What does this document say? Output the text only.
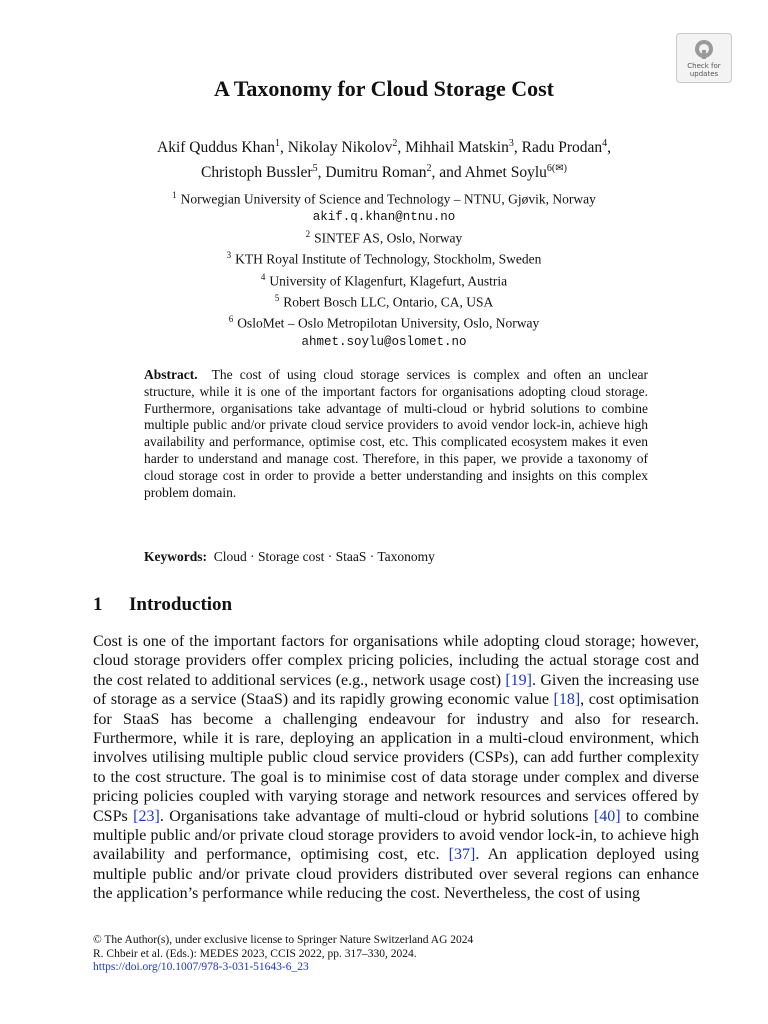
Check for
updates
A Taxonomy for Cloud Storage Cost
Akif Quddus Khan$^1$, Nikolay Nikolov$^2$, Mihhail Matskin$^3$, Radu Prodan$^4$,
Christoph Bussler$^5$, Dumitru Roman$^2$, and Ahmet Soylu$^{6(✉)}$
$^1$ Norwegian University of Science and Technology – NTNU, Gjøvik, Norway
akif.q.khan@ntnu.no
$^2$ SINTEF AS, Oslo, Norway
$^3$ KTH Royal Institute of Technology, Stockholm, Sweden
$^4$ University of Klagenfurt, Klagefurt, Austria
$^5$ Robert Bosch LLC, Ontario, CA, USA
$^6$ OsloMet – Oslo Metropilotan University, Oslo, Norway
ahmet.soylu@oslomet.no
Abstract. The cost of using cloud storage services is complex and often an unclear structure, while it is one of the important factors for organisations adopting cloud storage. Furthermore, organisations take advantage of multi-cloud or hybrid solutions to combine multiple public and/or private cloud service providers to avoid vendor lock-in, achieve high availability and performance, optimise cost, etc. This complicated ecosystem makes it even harder to understand and manage cost. Therefore, in this paper, we provide a taxonomy of cloud storage cost in order to provide a better understanding and insights on this complex problem domain.
Keywords: Cloud · Storage cost · StaaS · Taxonomy
1 Introduction
Cost is one of the important factors for organisations while adopting cloud storage; however, cloud storage providers offer complex pricing policies, including the actual storage cost and the cost related to additional services (e.g., network usage cost) [19]. Given the increasing use of storage as a service (StaaS) and its rapidly growing economic value [18], cost optimisation for StaaS has become a challenging endeavour for industry and also for research. Furthermore, while it is rare, deploying an application in a multi-cloud environment, which involves utilising multiple public cloud service providers (CSPs), can add further complexity to the cost structure. The goal is to minimise cost of data storage under complex and diverse pricing policies coupled with varying storage and network resources and services offered by CSPs [23]. Organisations take advantage of multi-cloud or hybrid solutions [40] to combine multiple public and/or private cloud storage providers to avoid vendor lock-in, to achieve high availability and performance, optimising cost, etc. [37]. An application deployed using multiple public and/or private cloud providers distributed over several regions can enhance the application’s performance while reducing the cost. Nevertheless, the cost of using
© The Author(s), under exclusive license to Springer Nature Switzerland AG 2024
R. Chbeir et al. (Eds.): MEDES 2023, CCIS 2022, pp. 317–330, 2024.
https://doi.org/10.1007/978-3-031-51643-6_23
